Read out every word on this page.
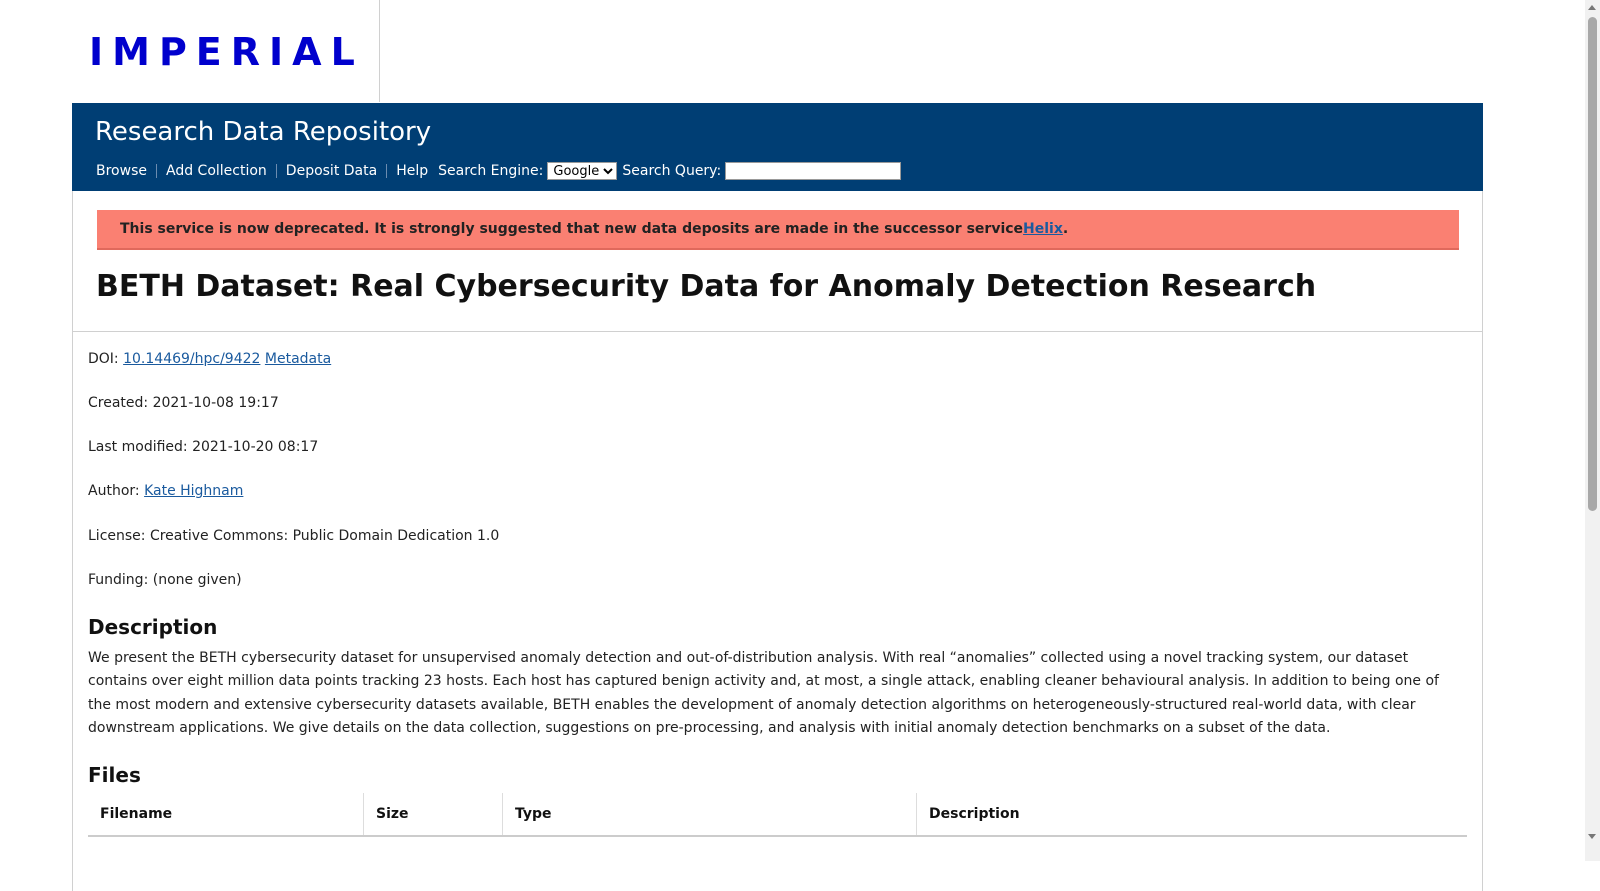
IMPERIAL
Research Data Repository
Browse Add Collection Deposit Data Help Search Engine:
Google	Search Query:
This service is now deprecated. It is strongly suggested that new data deposits are made in the successor service Helix .
BETH Dataset: Real Cybersecurity Data for Anomaly Detection Research
DOI: 10.14469/hpc/9422 Metadata
Created: 2021-10-08 19:17
Last modified: 2021-10-20 08:17
Author: Kate Highnam
License: Creative Commons: Public Domain Dedication 1.0
Funding: (none given)
Description

We present the BETH cybersecurity dataset for unsupervised anomaly detection and out-of-distribution analysis. With real “anomalies” collected using a novel tracking system, our dataset contains over eight million data points tracking 23 hosts. Each host has captured benign activity and, at most, a single attack, enabling cleaner behavioural analysis. In addition to being one of the most modern and extensive cybersecurity datasets available, BETH enables the development of anomaly detection algorithms on heterogeneously-structured real-world data, with clear downstream applications. We give details on the data collection, suggestions on pre-processing, and analysis with initial anomaly detection benchmarks on a subset of the data.

Files
Filename	Size	Type	Description
